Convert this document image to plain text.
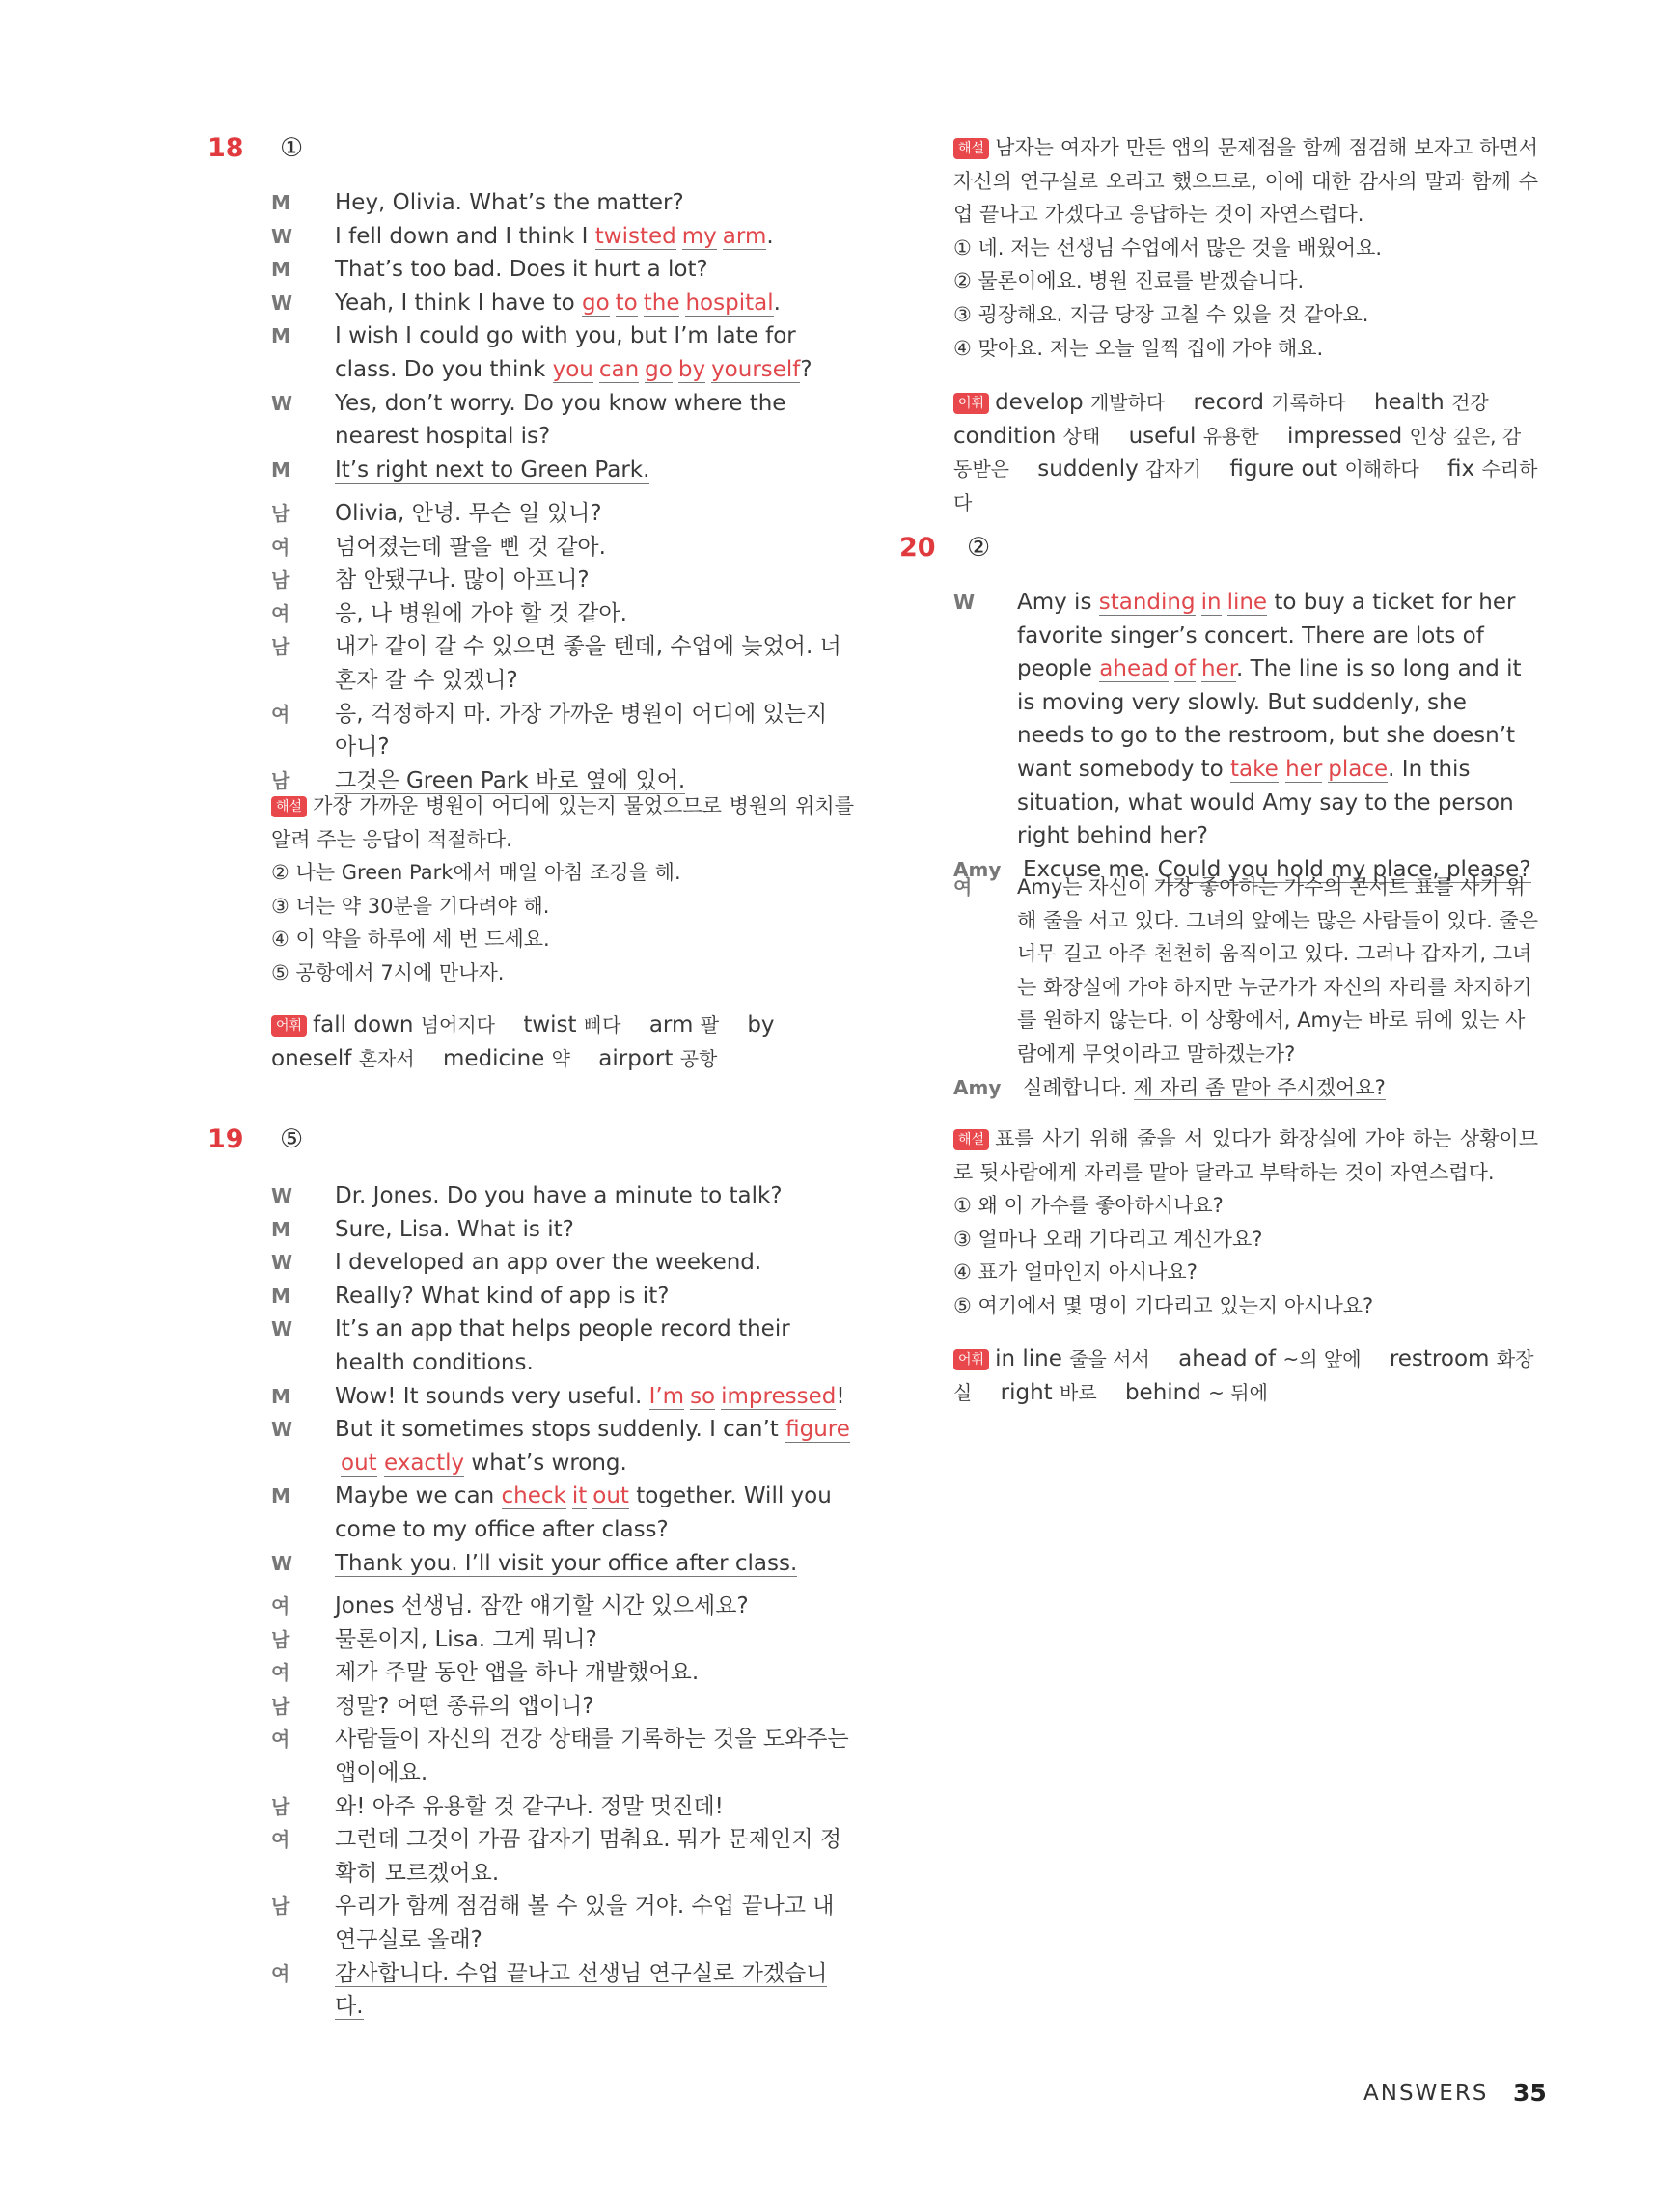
18 ①
M Hey, Olivia. What’s the matter?
W I fell down and I think I twisted my arm.
M That’s too bad. Does it hurt a lot?
W Yeah, I think I have to go to the hospital.
M I wish I could go with you, but I’m late for class. Do you think you can go by yourself?
W Yes, don’t worry. Do you know where the nearest hospital is?
M It’s right next to Green Park.
남 Olivia, 안녕. 무슨 일 있니?
여 넘어졌는데 팔을 삔 것 같아.
남 참 안됐구나. 많이 아프니?
여 응, 나 병원에 가야 할 것 같아.
남 내가 같이 갈 수 있으면 좋을 텐데, 수업에 늦었어. 너 혼자 갈 수 있겠니?
여 응, 걱정하지 마. 가장 가까운 병원이 어디에 있는지 아니?
남 그것은 Green Park 바로 옆에 있어.
해설 가장 가까운 병원이 어디에 있는지 물었으므로 병원의 위치를 알려 주는 응답이 적절하다.
② 나는 Green Park에서 매일 아침 조깅을 해.
③ 너는 약 30분을 기다려야 해.
④ 이 약을 하루에 세 번 드세요.
⑤ 공항에서 7시에 만나자.
어휘 fall down 넘어지다 twist 삐다 arm 팔 by oneself 혼자서 medicine 약 airport 공항
19 ⑤
W Dr. Jones. Do you have a minute to talk?
M Sure, Lisa. What is it?
W I developed an app over the weekend.
M Really? What kind of app is it?
W It’s an app that helps people record their health conditions.
M Wow! It sounds very useful. I’m so impressed!
W But it sometimes stops suddenly. I can’t figureout exactly what’s wrong.
M Maybe we can check it out together. Will you come to my office after class?
W Thank you. I’ll visit your office after class.
여 Jones 선생님. 잠깐 얘기할 시간 있으세요?
남 물론이지, Lisa. 그게 뭐니?
여 제가 주말 동안 앱을 하나 개발했어요.
남 정말? 어떤 종류의 앱이니?
여 사람들이 자신의 건강 상태를 기록하는 것을 도와주는 앱이에요.
남 와! 아주 유용할 것 같구나. 정말 멋진데!
여 그런데 그것이 가끔 갑자기 멈춰요. 뭐가 문제인지 정확히 모르겠어요.
남 우리가 함께 점검해 볼 수 있을 거야. 수업 끝나고 내 연구실로 올래?
여 감사합니다. 수업 끝나고 선생님 연구실로 가겠습니다.
해설 남자는 여자가 만든 앱의 문제점을 함께 점검해 보자고 하면서 자신의 연구실로 오라고 했으므로, 이에 대한 감사의 말과 함께 수업 끝나고 가겠다고 응답하는 것이 자연스럽다.
① 네. 저는 선생님 수업에서 많은 것을 배웠어요.
② 물론이에요. 병원 진료를 받겠습니다.
③ 굉장해요. 지금 당장 고칠 수 있을 것 같아요.
④ 맞아요. 저는 오늘 일찍 집에 가야 해요.
어휘 develop 개발하다 record 기록하다 health 건강 condition 상태 useful 유용한 impressed 인상 깊은, 감동받은 suddenly 갑자기 figure out 이해하다 fix 수리하다
20 ②
W Amy is standing in line to buy a ticket for her favorite singer’s concert. There are lots of people ahead of her. The line is so long and it is moving very slowly. But suddenly, she needs to go to the restroom, but she doesn’t want somebody to take her place. In this situation, what would Amy say to the person right behind her?
Amy Excuse me. Could you hold my place, please?
여 Amy는 자신이 가장 좋아하는 가수의 콘서트 표를 사기 위해 줄을 서고 있다. 그녀의 앞에는 많은 사람들이 있다. 줄은 너무 길고 아주 천천히 움직이고 있다. 그러나 갑자기, 그녀는 화장실에 가야 하지만 누군가가 자신의 자리를 차지하기를 원하지 않는다. 이 상황에서, Amy는 바로 뒤에 있는 사람에게 무엇이라고 말하겠는가?
Amy 실례합니다. 제 자리 좀 맡아 주시겠어요?
해설 표를 사기 위해 줄을 서 있다가 화장실에 가야 하는 상황이므로 뒷사람에게 자리를 맡아 달라고 부탁하는 것이 자연스럽다.
① 왜 이 가수를 좋아하시나요?
③ 얼마나 오래 기다리고 계신가요?
④ 표가 얼마인지 아시나요?
⑤ 여기에서 몇 명이 기다리고 있는지 아시나요?
어휘 in line 줄을 서서 ahead of ~의 앞에 restroom 화장실 right 바로 behind ~ 뒤에
ANSWERS 35
